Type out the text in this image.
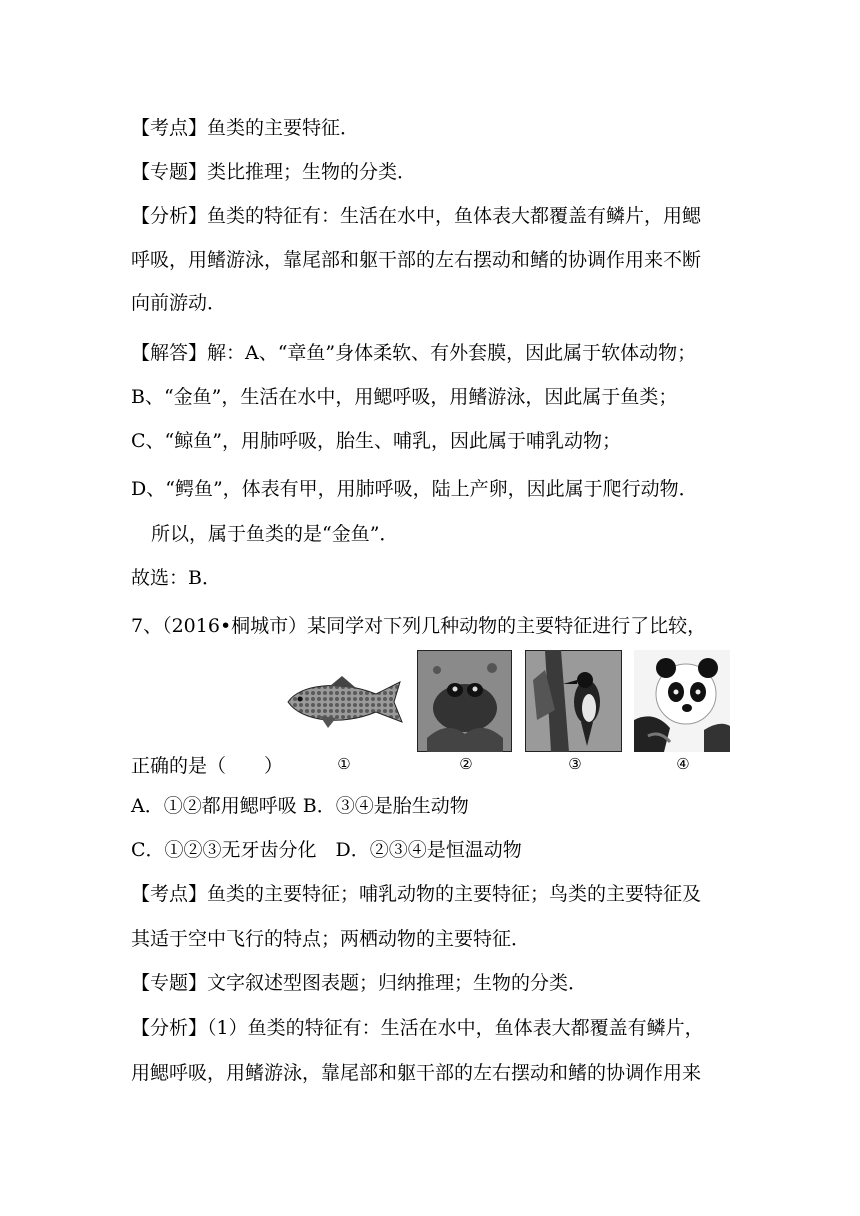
【考点】鱼类的主要特征．
【专题】类比推理；生物的分类．
【分析】鱼类的特征有：生活在水中，鱼体表大都覆盖有鳞片，用鳃
呼吸，用鳍游泳，靠尾部和躯干部的左右摆动和鳍的协调作用来不断
向前游动．
【解答】解：A、“章鱼”身体柔软、有外套膜，因此属于软体动物；
B、“金鱼”，生活在水中，用鳃呼吸，用鳍游泳，因此属于鱼类；
C、“鲸鱼”，用肺呼吸，胎生、哺乳，因此属于哺乳动物；
D、“鳄鱼”，体表有甲，用肺呼吸，陆上产卵，因此属于爬行动物．
所以，属于鱼类的是“金鱼”．
故选：B．
7、（2016•桐城市）某同学对下列几种动物的主要特征进行了比较，
正确的是（　　）	①	②	③	④
A．①②都用鳃呼吸 B．③④是胎生动物
C．①②③无牙齿分化　D．②③④是恒温动物
【考点】鱼类的主要特征；哺乳动物的主要特征；鸟类的主要特征及
其适于空中飞行的特点；两栖动物的主要特征．
【专题】文字叙述型图表题；归纳推理；生物的分类．
【分析】（1）鱼类的特征有：生活在水中，鱼体表大都覆盖有鳞片，
用鳃呼吸，用鳍游泳，靠尾部和躯干部的左右摆动和鳍的协调作用来
